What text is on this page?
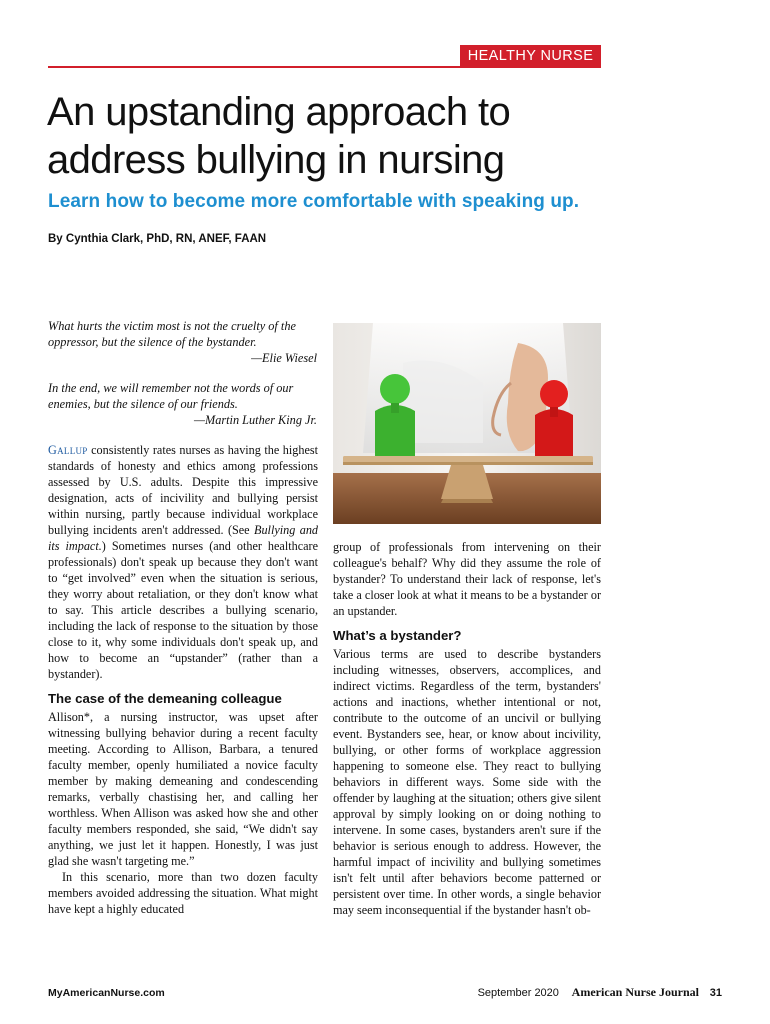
HEALTHY NURSE
An upstanding approach to
address bullying in nursing
Learn how to become more comfortable with speaking up.
By Cynthia Clark, PhD, RN, ANEF, FAAN
What hurts the victim most is not the cruelty of the oppressor, but the silence of the bystander.
—Elie Wiesel
In the end, we will remember not the words of our enemies, but the silence of our friends.
—Martin Luther King Jr.

Gallup consistently rates nurses as having the highest standards of honesty and ethics among professions assessed by U.S. adults. Despite this impressive designation, acts of incivility and bullying persist within nursing, partly because individual workplace bullying incidents aren't addressed. (See Bullying and its impact.) Sometimes nurses (and other healthcare professionals) don't speak up because they don't want to “get involved” even when the situation is serious, they worry about retaliation, or they don't know what to say. This article describes a bullying scenario, including the lack of response to the situation by those close to it, why some individuals don't speak up, and how to become an “upstander” (rather than a bystander).

The case of the demeaning colleague

Allison*, a nursing instructor, was upset after witnessing bullying behavior during a recent faculty meeting. According to Allison, Barbara, a tenured faculty member, openly humiliated a novice faculty member by making demeaning and condescending remarks, verbally chastising her, and calling her worthless. When Allison was asked how she and other faculty members responded, she said, “We didn't say anything, we just let it happen. Honestly, I was just glad she wasn't targeting me.”

In this scenario, more than two dozen faculty members avoided addressing the situation. What might have kept a highly educated

group of professionals from intervening on their colleague's behalf? Why did they assume the role of bystander? To understand their lack of response, let's take a closer look at what it means to be a bystander or an upstander.

What’s a bystander?

Various terms are used to describe bystanders including witnesses, observers, accomplices, and indirect victims. Regardless of the term, bystanders' actions and inactions, whether intentional or not, contribute to the outcome of an uncivil or bullying event. Bystanders see, hear, or know about incivility, bullying, or other forms of workplace aggression happening to someone else. They react to bullying behaviors in different ways. Some side with the offender by laughing at the situation; others give silent approval by simply looking on or doing nothing to intervene. In some cases, bystanders aren't sure if the behavior is serious enough to address. However, the harmful impact of incivility and bullying sometimes isn't felt until after behaviors become patterned or persistent over time. In other words, a single behavior may seem inconsequential if the bystander hasn't ob-

MyAmericanNurse.com	September 2020 American Nurse Journal 31
